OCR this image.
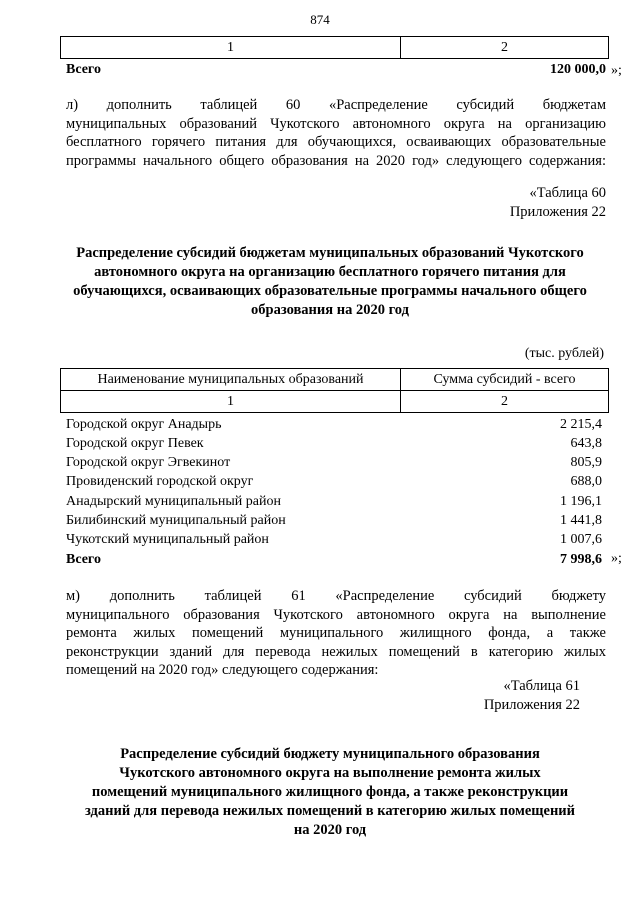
874
1	2
Всего	120 000,0 »;
л) дополнить таблицей 60 «Распределение субсидий бюджетам
муниципальных образований Чукотского автономного округа на организацию
бесплатного горячего питания для обучающихся, осваивающих образовательные
программы начального общего образования на 2020 год» следующего содержания:
«Таблица 60
Приложения 22
Распределение субсидий бюджетам муниципальных образований Чукотского
автономного округа на организацию бесплатного горячего питания для
обучающихся, осваивающих образовательные программы начального общего
образования на 2020 год
(тыс. рублей)
Наименование муниципальных образований	Сумма субсидий - всего
1	2
Городской округ Анадырь	2 215,4
Городской округ Певек	643,8
Городской округ Эгвекинот	805,9
Провиденский городской округ	688,0
Анадырский муниципальный район	1 196,1
Билибинский муниципальный район	1 441,8
Чукотский муниципальный район	1 007,6
Всего	7 998,6 »;
м) дополнить таблицей 61 «Распределение субсидий бюджету
муниципального образования Чукотского автономного округа на выполнение
ремонта жилых помещений муниципального жилищного фонда, а также
реконструкции зданий для перевода нежилых помещений в категорию жилых
помещений на 2020 год» следующего содержания:
«Таблица 61
Приложения 22
Распределение субсидий бюджету муниципального образования
Чукотского автономного округа на выполнение ремонта жилых
помещений муниципального жилищного фонда, а также реконструкции
зданий для перевода нежилых помещений в категорию жилых помещений
на 2020 год
